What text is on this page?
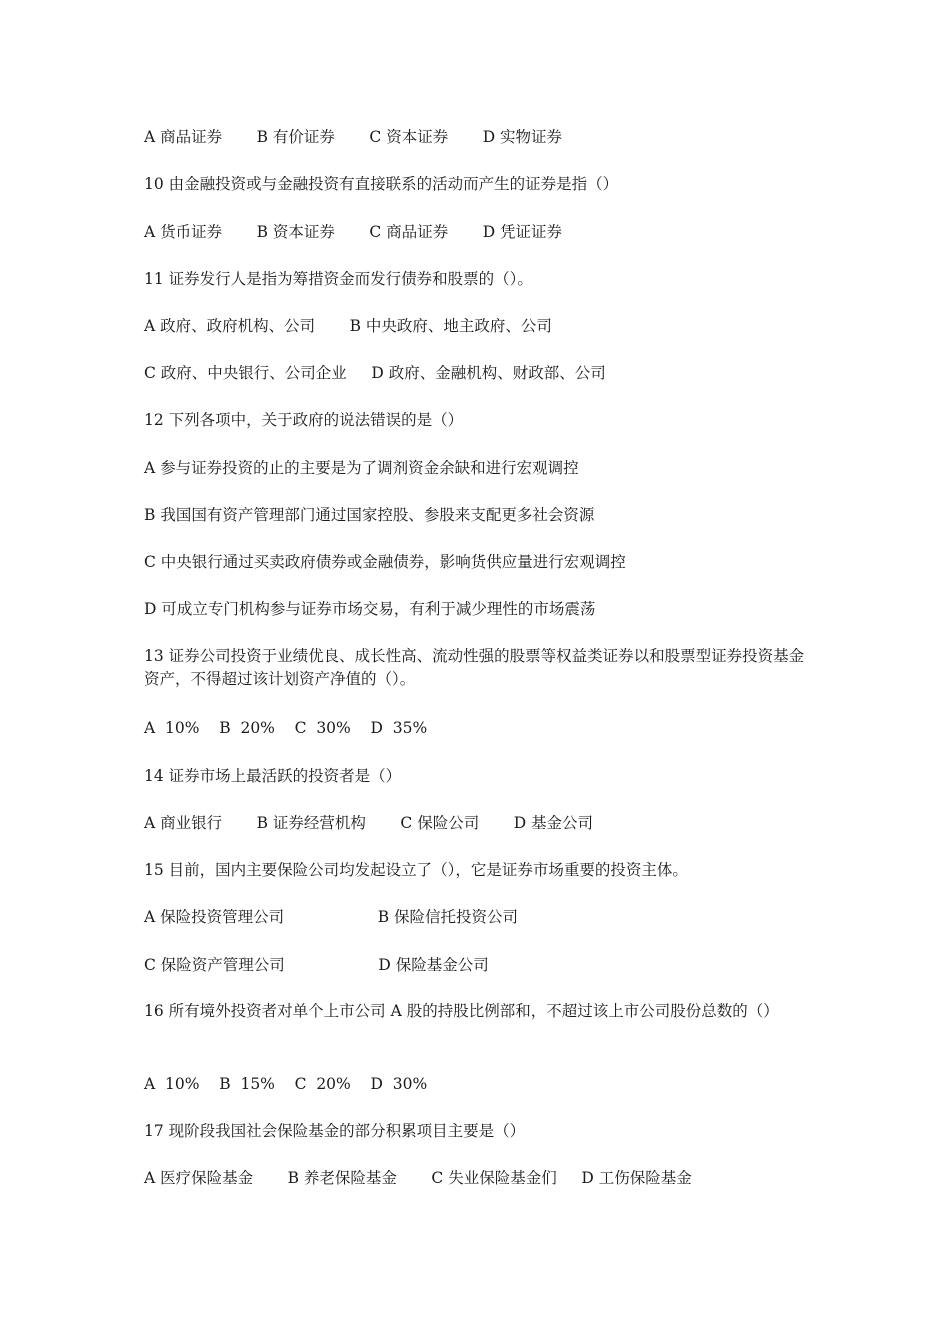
A 商品证券       B 有价证券       C 资本证券       D 实物证券
10 由金融投资或与金融投资有直接联系的活动而产生的证券是指（）
A 货币证券       B 资本证券       C 商品证券       D 凭证证券
11 证券发行人是指为筹措资金而发行债券和股票的（）。
A 政府、政府机构、公司       B 中央政府、地主政府、公司
C 政府、中央银行、公司企业     D 政府、金融机构、财政部、公司
12 下列各项中，关于政府的说法错误的是（）
A 参与证券投资的止的主要是为了调剂资金余缺和进行宏观调控
B 我国国有资产管理部门通过国家控股、参股来支配更多社会资源
C 中央银行通过买卖政府债券或金融债券，影响货供应量进行宏观调控
D 可成立专门机构参与证券市场交易，有利于减少理性的市场震荡
13 证券公司投资于业绩优良、成长性高、流动性强的股票等权益类证券以和股票型证券投资基金资产，不得超过该计划资产净值的（）。
A  10%    B  20%    C  30%    D  35%
14 证券市场上最活跃的投资者是（）
A 商业银行       B 证券经营机构       C 保险公司       D 基金公司
15 目前，国内主要保险公司均发起设立了（），它是证券市场重要的投资主体。
A 保险投资管理公司                   B 保险信托投资公司
C 保险资产管理公司                   D 保险基金公司
16 所有境外投资者对单个上市公司 A 股的持股比例部和，不超过该上市公司股份总数的（）
A  10%    B  15%    C  20%    D  30%
17 现阶段我国社会保险基金的部分积累项目主要是（）
A 医疗保险基金       B 养老保险基金       C 失业保险基金们     D 工伤保险基金
